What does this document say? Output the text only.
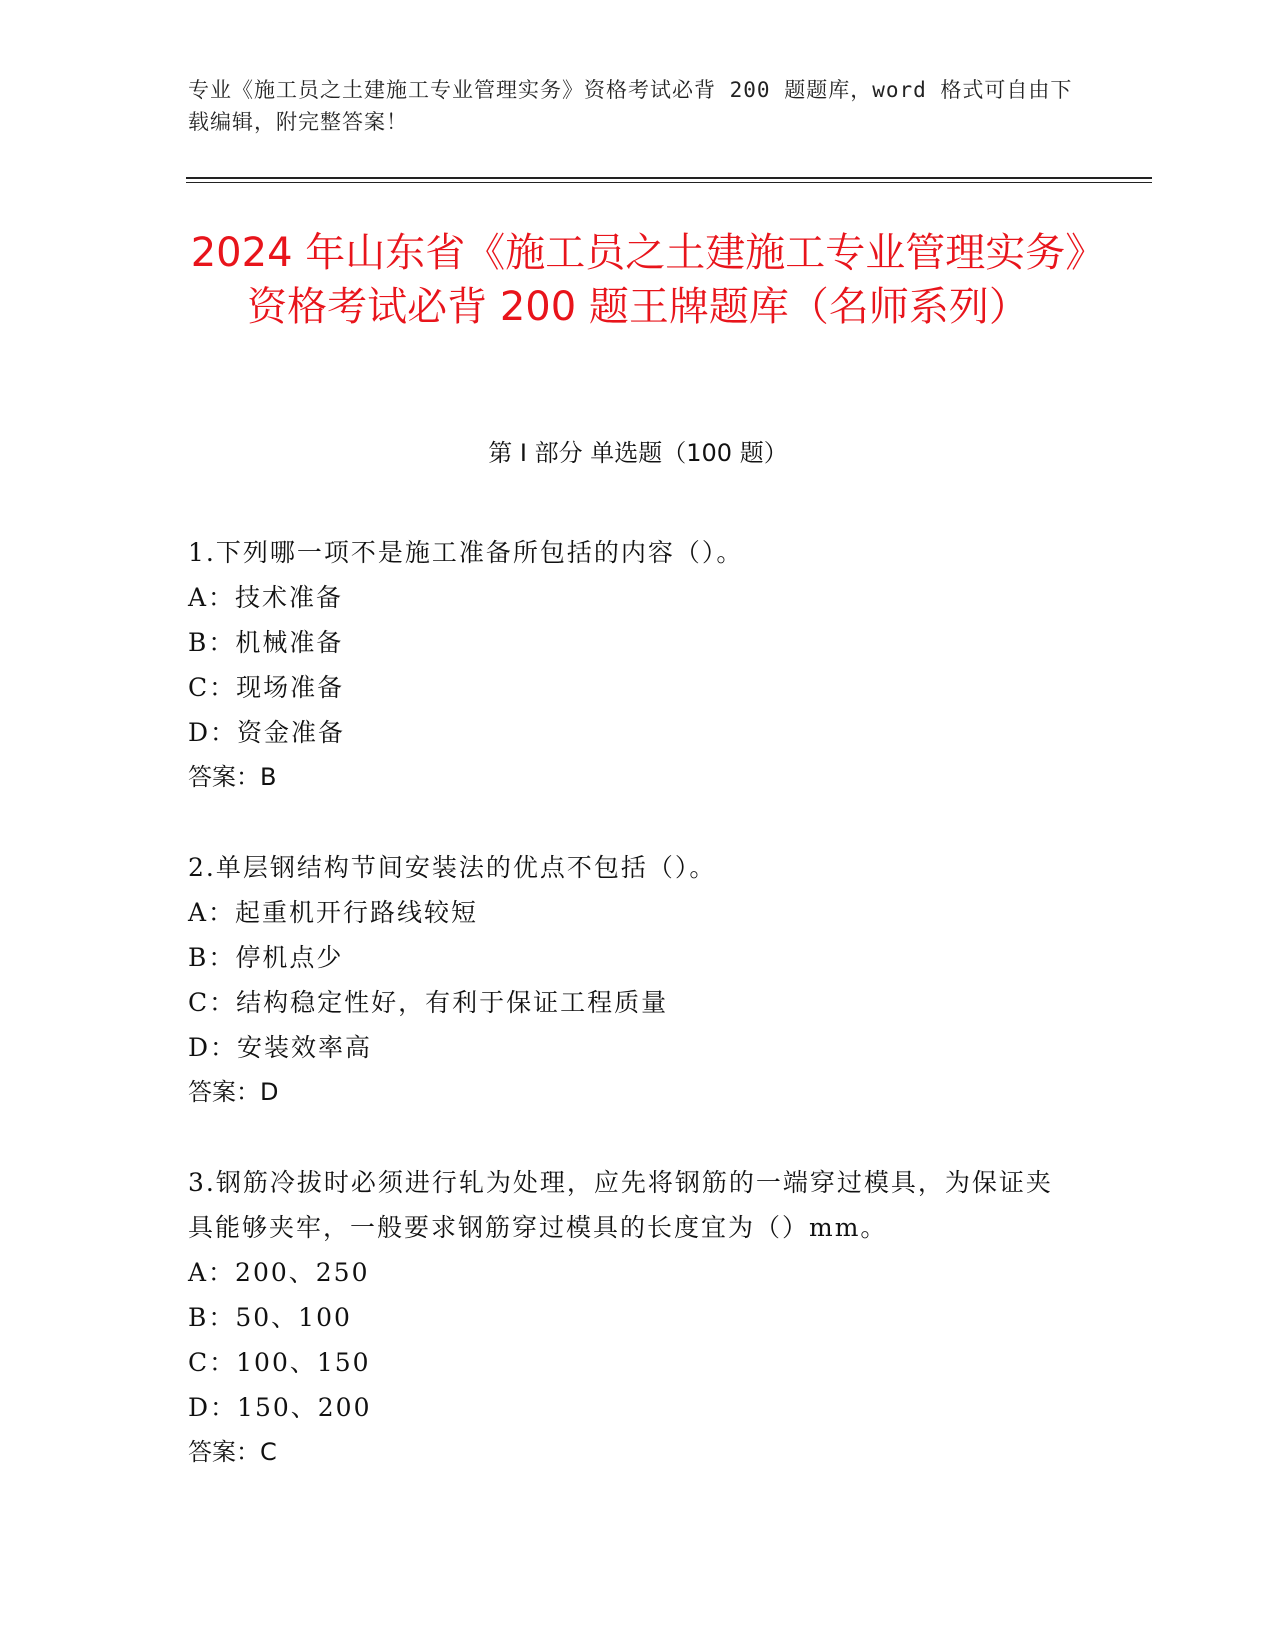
专业《施工员之土建施工专业管理实务》资格考试必背 200 题题库，word 格式可自由下载编辑，附完整答案！
2024 年山东省《施工员之土建施工专业管理实务》资格考试必背 200 题王牌题库（名师系列）
第 I 部分 单选题（100 题）

1.下列哪一项不是施工准备所包括的内容（）。

A：技术准备

B：机械准备

C：现场准备

D：资金准备

答案：B

2.单层钢结构节间安装法的优点不包括（）。

A：起重机开行路线较短

B：停机点少

C：结构稳定性好，有利于保证工程质量

D：安装效率高

答案：D

3.钢筋冷拔时必须进行轧为处理，应先将钢筋的一端穿过模具，为保证夹具能够夹牢，一般要求钢筋穿过模具的长度宜为（）mm。

A：200、250

B：50、100

C：100、150

D：150、200

答案：C
